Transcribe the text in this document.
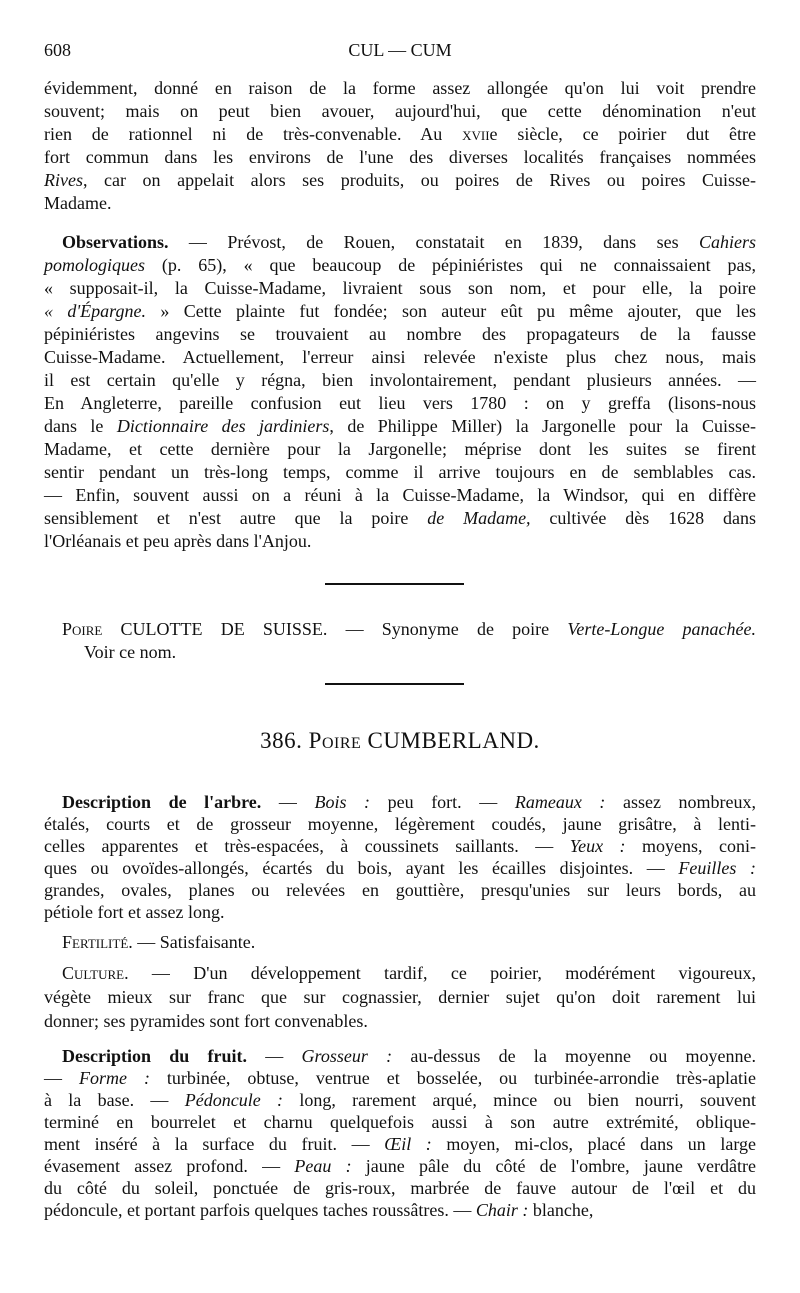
608	CUL — CUM
évidemment, donné en raison de la forme assez allongée qu'on lui voit prendre
souvent; mais on peut bien avouer, aujourd'hui, que cette dénomination n'eut
rien de rationnel ni de très-convenable. Au xviie siècle, ce poirier dut être
fort commun dans les environs de l'une des diverses localités françaises nommées
Rives, car on appelait alors ses produits, ou poires de Rives ou poires Cuisse-
Madame.
Observations. — Prévost, de Rouen, constatait en 1839, dans ses Cahiers
pomologiques (p. 65), « que beaucoup de pépiniéristes qui ne connaissaient pas,
« supposait-il, la Cuisse-Madame, livraient sous son nom, et pour elle, la poire
« d'Épargne. » Cette plainte fut fondée; son auteur eût pu même ajouter, que les
pépiniéristes angevins se trouvaient au nombre des propagateurs de la fausse
Cuisse-Madame. Actuellement, l'erreur ainsi relevée n'existe plus chez nous, mais
il est certain qu'elle y régna, bien involontairement, pendant plusieurs années. —
En Angleterre, pareille confusion eut lieu vers 1780 : on y greffa (lisons-nous
dans le Dictionnaire des jardiniers, de Philippe Miller) la Jargonelle pour la Cuisse-
Madame, et cette dernière pour la Jargonelle; méprise dont les suites se firent
sentir pendant un très-long temps, comme il arrive toujours en de semblables cas.
— Enfin, souvent aussi on a réuni à la Cuisse-Madame, la Windsor, qui en diffère
sensiblement et n'est autre que la poire de Madame, cultivée dès 1628 dans
l'Orléanais et peu après dans l'Anjou.
Poire CULOTTE DE SUISSE. — Synonyme de poire Verte-Longue panachée.
Voir ce nom.
386. Poire CUMBERLAND.
Description de l'arbre. — Bois : peu fort. — Rameaux : assez nombreux,
étalés, courts et de grosseur moyenne, légèrement coudés, jaune grisâtre, à lenti-
celles apparentes et très-espacées, à coussinets saillants. — Yeux : moyens, coni-
ques ou ovoïdes-allongés, écartés du bois, ayant les écailles disjointes. — Feuilles :
grandes, ovales, planes ou relevées en gouttière, presqu'unies sur leurs bords, au
pétiole fort et assez long.
Fertilité. — Satisfaisante.
Culture. — D'un développement tardif, ce poirier, modérément vigoureux,
végète mieux sur franc que sur cognassier, dernier sujet qu'on doit rarement lui
donner; ses pyramides sont fort convenables.
Description du fruit. — Grosseur : au-dessus de la moyenne ou moyenne.
— Forme : turbinée, obtuse, ventrue et bosselée, ou turbinée-arrondie très-aplatie
à la base. — Pédoncule : long, rarement arqué, mince ou bien nourri, souvent
terminé en bourrelet et charnu quelquefois aussi à son autre extrémité, oblique-
ment inséré à la surface du fruit. — Œil : moyen, mi-clos, placé dans un large
évasement assez profond. — Peau : jaune pâle du côté de l'ombre, jaune verdâtre
du côté du soleil, ponctuée de gris-roux, marbrée de fauve autour de l'œil et du
pédoncule, et portant parfois quelques taches roussâtres. — Chair : blanche,
